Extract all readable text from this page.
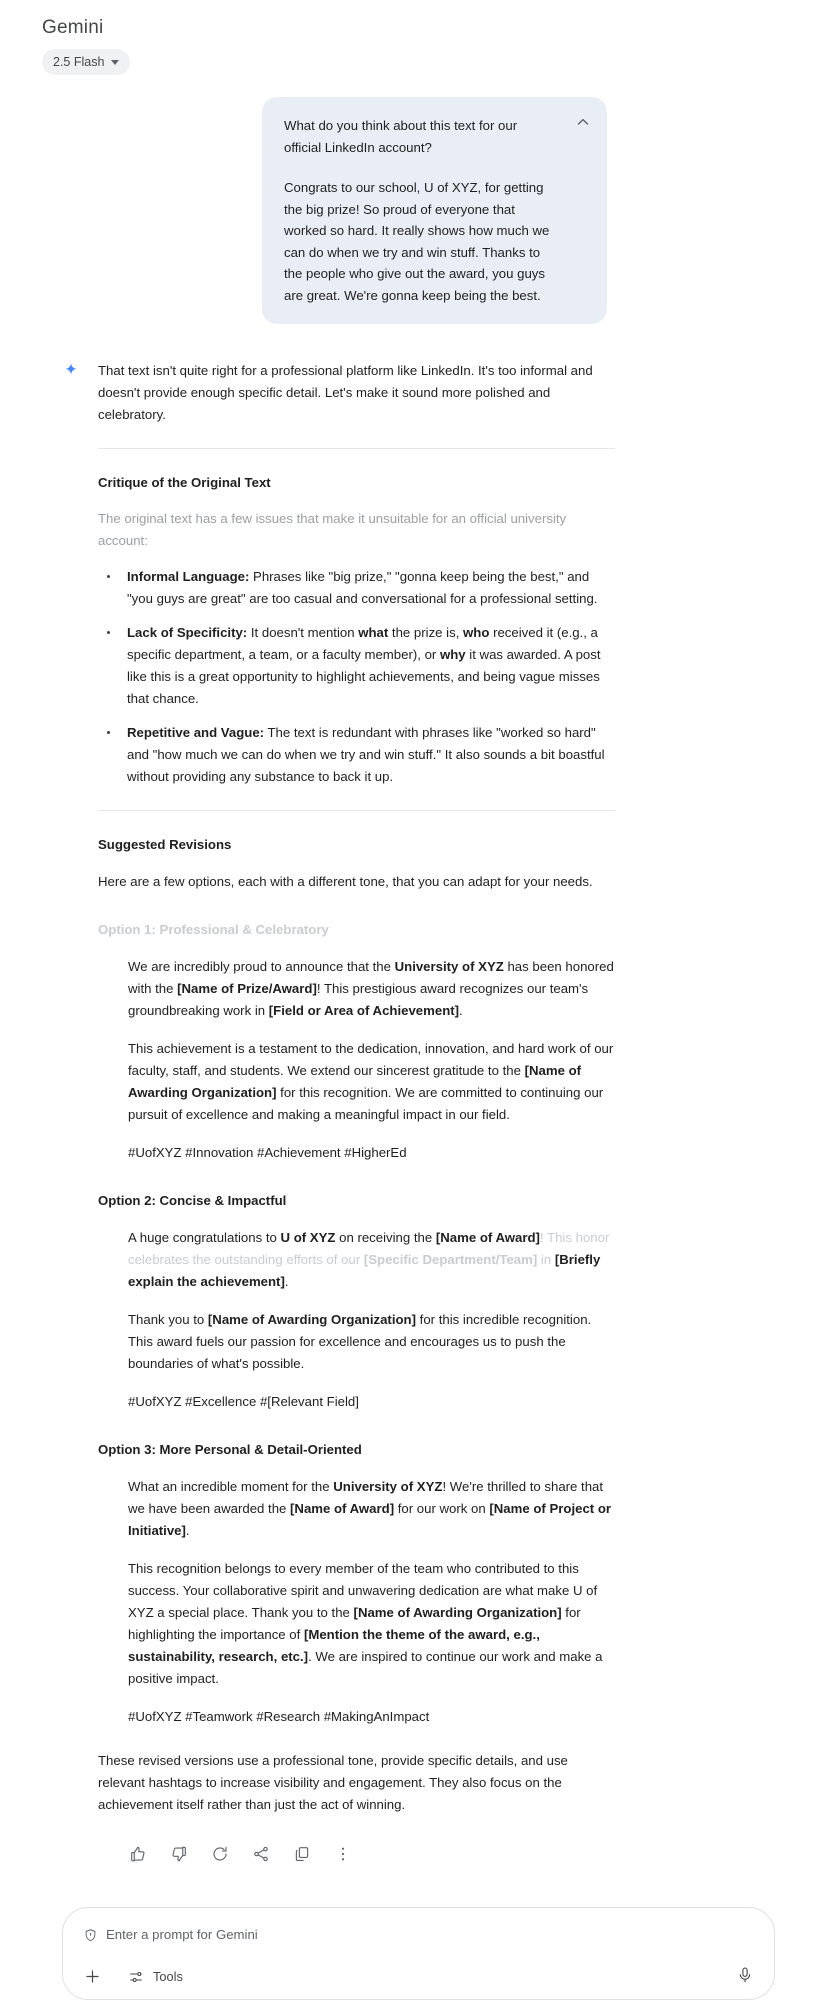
Gemini
2.5 Flash

What do you think about this text for our official LinkedIn account?

Congrats to our school, U of XYZ, for getting the big prize! So proud of everyone that worked so hard. It really shows how much we can do when we try and win stuff. Thanks to the people who give out the award, you guys are great. We're gonna keep being the best.

That text isn't quite right for a professional platform like LinkedIn. It's too informal and doesn't provide enough specific detail. Let's make it sound more polished and celebratory.

Critique of the Original Text

The original text has a few issues that make it unsuitable for an official university account:

Informal Language: Phrases like "big prize," "gonna keep being the best," and "you guys are great" are too casual and conversational for a professional setting.
Lack of Specificity: It doesn't mention what the prize is, who received it (e.g., a specific department, a team, or a faculty member), or why it was awarded. A post like this is a great opportunity to highlight achievements, and being vague misses that chance.
Repetitive and Vague: The text is redundant with phrases like "worked so hard" and "how much we can do when we try and win stuff." It also sounds a bit boastful without providing any substance to back it up.
Suggested Revisions

Here are a few options, each with a different tone, that you can adapt for your needs.

Option 1: Professional & Celebratory

We are incredibly proud to announce that the University of XYZ has been honored with the [Name of Prize/Award]! This prestigious award recognizes our team's groundbreaking work in [Field or Area of Achievement].

This achievement is a testament to the dedication, innovation, and hard work of our faculty, staff, and students. We extend our sincerest gratitude to the [Name of Awarding Organization] for this recognition. We are committed to continuing our pursuit of excellence and making a meaningful impact in our field.

#UofXYZ #Innovation #Achievement #HigherEd

Option 2: Concise & Impactful

A huge congratulations to U of XYZ on receiving the [Name of Award]! This honor celebrates the outstanding efforts of our [Specific Department/Team] in [Briefly explain the achievement].

Thank you to [Name of Awarding Organization] for this incredible recognition. This award fuels our passion for excellence and encourages us to push the boundaries of what's possible.

#UofXYZ #Excellence #[Relevant Field]

Option 3: More Personal & Detail-Oriented

What an incredible moment for the University of XYZ! We're thrilled to share that we have been awarded the [Name of Award] for our work on [Name of Project or Initiative].

This recognition belongs to every member of the team who contributed to this success. Your collaborative spirit and unwavering dedication are what make U of XYZ a special place. Thank you to the [Name of Awarding Organization] for highlighting the importance of [Mention the theme of the award, e.g., sustainability, research, etc.]. We are inspired to continue our work and make a positive impact.

#UofXYZ #Teamwork #Research #MakingAnImpact

These revised versions use a professional tone, provide specific details, and use relevant hashtags to increase visibility and engagement. They also focus on the achievement itself rather than just the act of winning.

Enter a prompt for Gemini
Tools
